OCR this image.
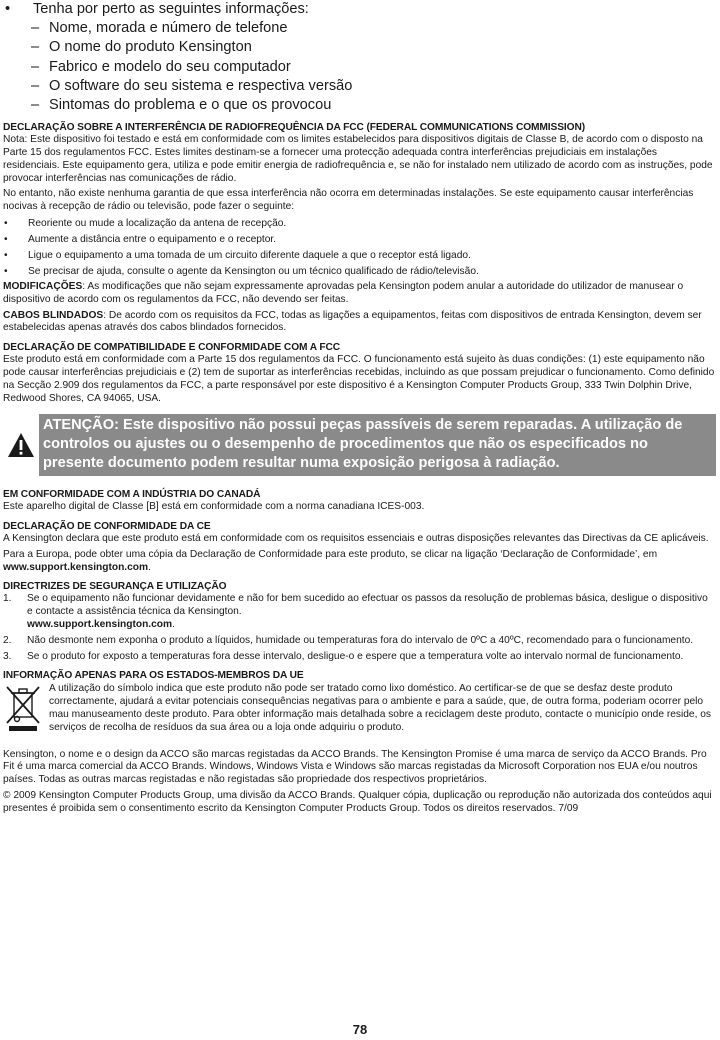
•	Tenha por perto as seguintes informações:
– Nome, morada e número de telefone
– O nome do produto Kensington
– Fabrico e modelo do seu computador
– O software do seu sistema e respectiva versão
– Sintomas do problema e o que os provocou
DECLARAÇÃO SOBRE A INTERFERÊNCIA DE RADIOFREQUÊNCIA DA FCC (FEDERAL COMMUNICATIONS COMMISSION)
Nota: Este dispositivo foi testado e está em conformidade com os limites estabelecidos para dispositivos digitais de Classe B, de acordo com o disposto na Parte 15 dos regulamentos FCC. Estes limites destinam-se a fornecer uma protecção adequada contra interferências prejudiciais em instalações residenciais. Este equipamento gera, utiliza e pode emitir energia de radiofrequência e, se não for instalado nem utilizado de acordo com as instruções, pode provocar interferências nas comunicações de rádio.
No entanto, não existe nenhuma garantia de que essa interferência não ocorra em determinadas instalações. Se este equipamento causar interferências nocivas à recepção de rádio ou televisão, pode fazer o seguinte:
•	Reoriente ou mude a localização da antena de recepção.
•	Aumente a distância entre o equipamento e o receptor.
•	Ligue o equipamento a uma tomada de um circuito diferente daquele a que o receptor está ligado.
•	Se precisar de ajuda, consulte o agente da Kensington ou um técnico qualificado de rádio/televisão.
MODIFICAÇÕES: As modificações que não sejam expressamente aprovadas pela Kensington podem anular a autoridade do utilizador de manusear o dispositivo de acordo com os regulamentos da FCC, não devendo ser feitas.
CABOS BLINDADOS: De acordo com os requisitos da FCC, todas as ligações a equipamentos, feitas com dispositivos de entrada Kensington, devem ser estabelecidas apenas através dos cabos blindados fornecidos.
DECLARAÇÃO DE COMPATIBILIDADE E CONFORMIDADE COM A FCC
Este produto está em conformidade com a Parte 15 dos regulamentos da FCC. O funcionamento está sujeito às duas condições: (1) este equipamento não pode causar interferências prejudiciais e (2) tem de suportar as interferências recebidas, incluindo as que possam prejudicar o funcionamento. Como definido na Secção 2.909 dos regulamentos da FCC, a parte responsável por este dispositivo é a Kensington Computer Products Group, 333 Twin Dolphin Drive, Redwood Shores, CA 94065, USA.
ATENÇÃO: Este dispositivo não possui peças passíveis de serem reparadas. A utilização de controlos ou ajustes ou o desempenho de procedimentos que não os especificados no presente documento podem resultar numa exposição perigosa à radiação.
EM CONFORMIDADE COM A INDÚSTRIA DO CANADÁ
Este aparelho digital de Classe [B] está em conformidade com a norma canadiana ICES-003.
DECLARAÇÃO DE CONFORMIDADE DA CE
A Kensington declara que este produto está em conformidade com os requisitos essenciais e outras disposições relevantes das Directivas da CE aplicáveis.
Para a Europa, pode obter uma cópia da Declaração de Conformidade para este produto, se clicar na ligação ‘Declaração de Conformidade’, em www.support.kensington.com.
DIRECTRIZES DE SEGURANÇA E UTILIZAÇÃO
1.	Se o equipamento não funcionar devidamente e não for bem sucedido ao efectuar os passos da resolução de problemas básica, desligue o dispositivo e contacte a assistência técnica da Kensington.
www.support.kensington.com.
2.	Não desmonte nem exponha o produto a líquidos, humidade ou temperaturas fora do intervalo de 0ºC a 40ºC, recomendado para o funcionamento.
3.	Se o produto for exposto a temperaturas fora desse intervalo, desligue-o e espere que a temperatura volte ao intervalo normal de funcionamento.
INFORMAÇÃO APENAS PARA OS ESTADOS-MEMBROS DA UE
A utilização do símbolo indica que este produto não pode ser tratado como lixo doméstico. Ao certificar-se de que se desfaz deste produto correctamente, ajudará a evitar potenciais consequências negativas para o ambiente e para a saúde, que, de outra forma, poderiam ocorrer pelo mau manuseamento deste produto. Para obter informação mais detalhada sobre a reciclagem deste produto, contacte o município onde reside, os serviços de recolha de resíduos da sua área ou a loja onde adquiriu o produto.
Kensington, o nome e o design da ACCO são marcas registadas da ACCO Brands. The Kensington Promise é uma marca de serviço da ACCO Brands. Pro Fit é uma marca comercial da ACCO Brands. Windows, Windows Vista e Windows são marcas registadas da Microsoft Corporation nos EUA e/ou noutros países. Todas as outras marcas registadas e não registadas são propriedade dos respectivos proprietários.
© 2009 Kensington Computer Products Group, uma divisão da ACCO Brands. Qualquer cópia, duplicação ou reprodução não autorizada dos conteúdos aqui presentes é proibida sem o consentimento escrito da Kensington Computer Products Group. Todos os direitos reservados. 7/09
78
